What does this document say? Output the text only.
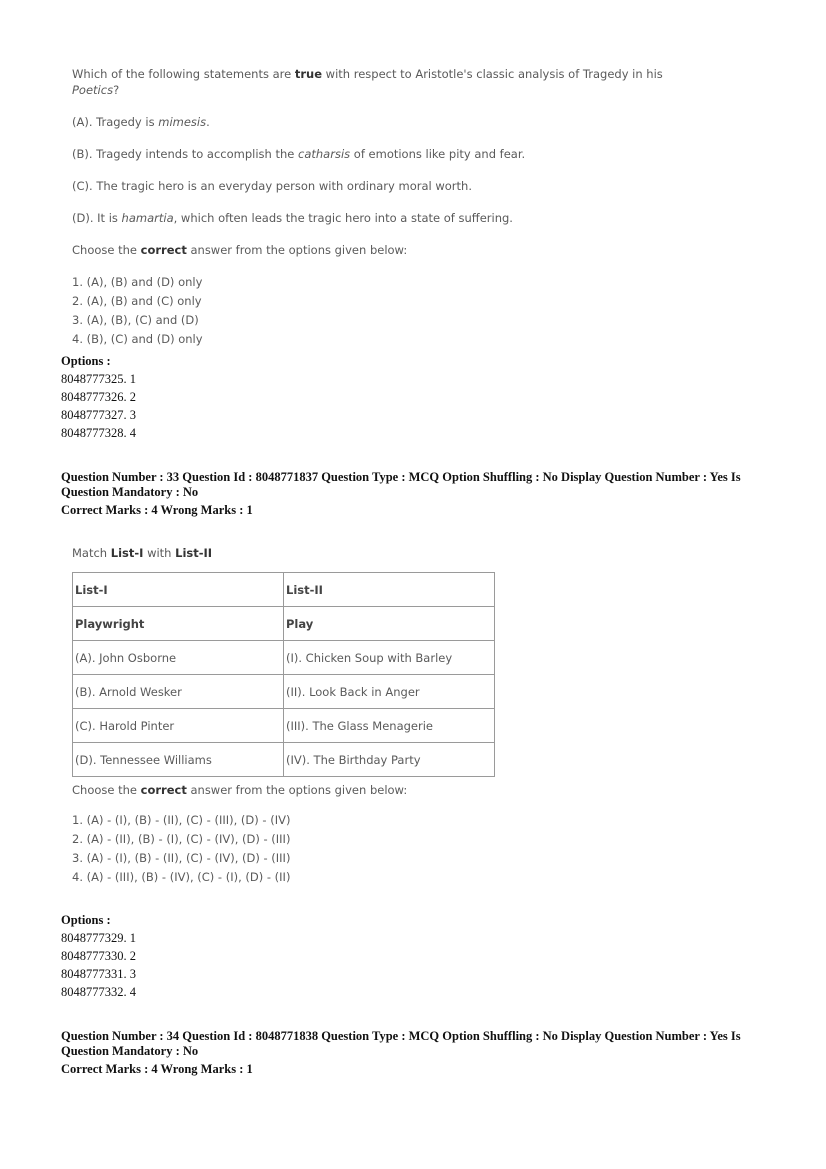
Which of the following statements are true with respect to Aristotle's classic analysis of Tragedy in his Poetics?

(A). Tragedy is mimesis.

(B). Tragedy intends to accomplish the catharsis of emotions like pity and fear.

(C). The tragic hero is an everyday person with ordinary moral worth.

(D). It is hamartia, which often leads the tragic hero into a state of suffering.

Choose the correct answer from the options given below:

1. (A), (B) and (D) only
2. (A), (B) and (C) only
3. (A), (B), (C) and (D)
4. (B), (C) and (D) only
Options :
8048777325. 1
8048777326. 2
8048777327. 3
8048777328. 4
Question Number : 33 Question Id : 8048771837 Question Type : MCQ Option Shuffling : No Display Question Number : Yes Is Question Mandatory : No
Correct Marks : 4 Wrong Marks : 1
Match List-I with List-II
List-I	List-II
Playwright	Play
(A). John Osborne	(I). Chicken Soup with Barley
(B). Arnold Wesker	(II). Look Back in Anger
(C). Harold Pinter	(III). The Glass Menagerie
(D). Tennessee Williams	(IV). The Birthday Party
Choose the correct answer from the options given below:
1. (A) - (I), (B) - (II), (C) - (III), (D) - (IV)
2. (A) - (II), (B) - (I), (C) - (IV), (D) - (III)
3. (A) - (I), (B) - (II), (C) - (IV), (D) - (III)
4. (A) - (III), (B) - (IV), (C) - (I), (D) - (II)
Options :
8048777329. 1
8048777330. 2
8048777331. 3
8048777332. 4
Question Number : 34 Question Id : 8048771838 Question Type : MCQ Option Shuffling : No Display Question Number : Yes Is Question Mandatory : No
Correct Marks : 4 Wrong Marks : 1
